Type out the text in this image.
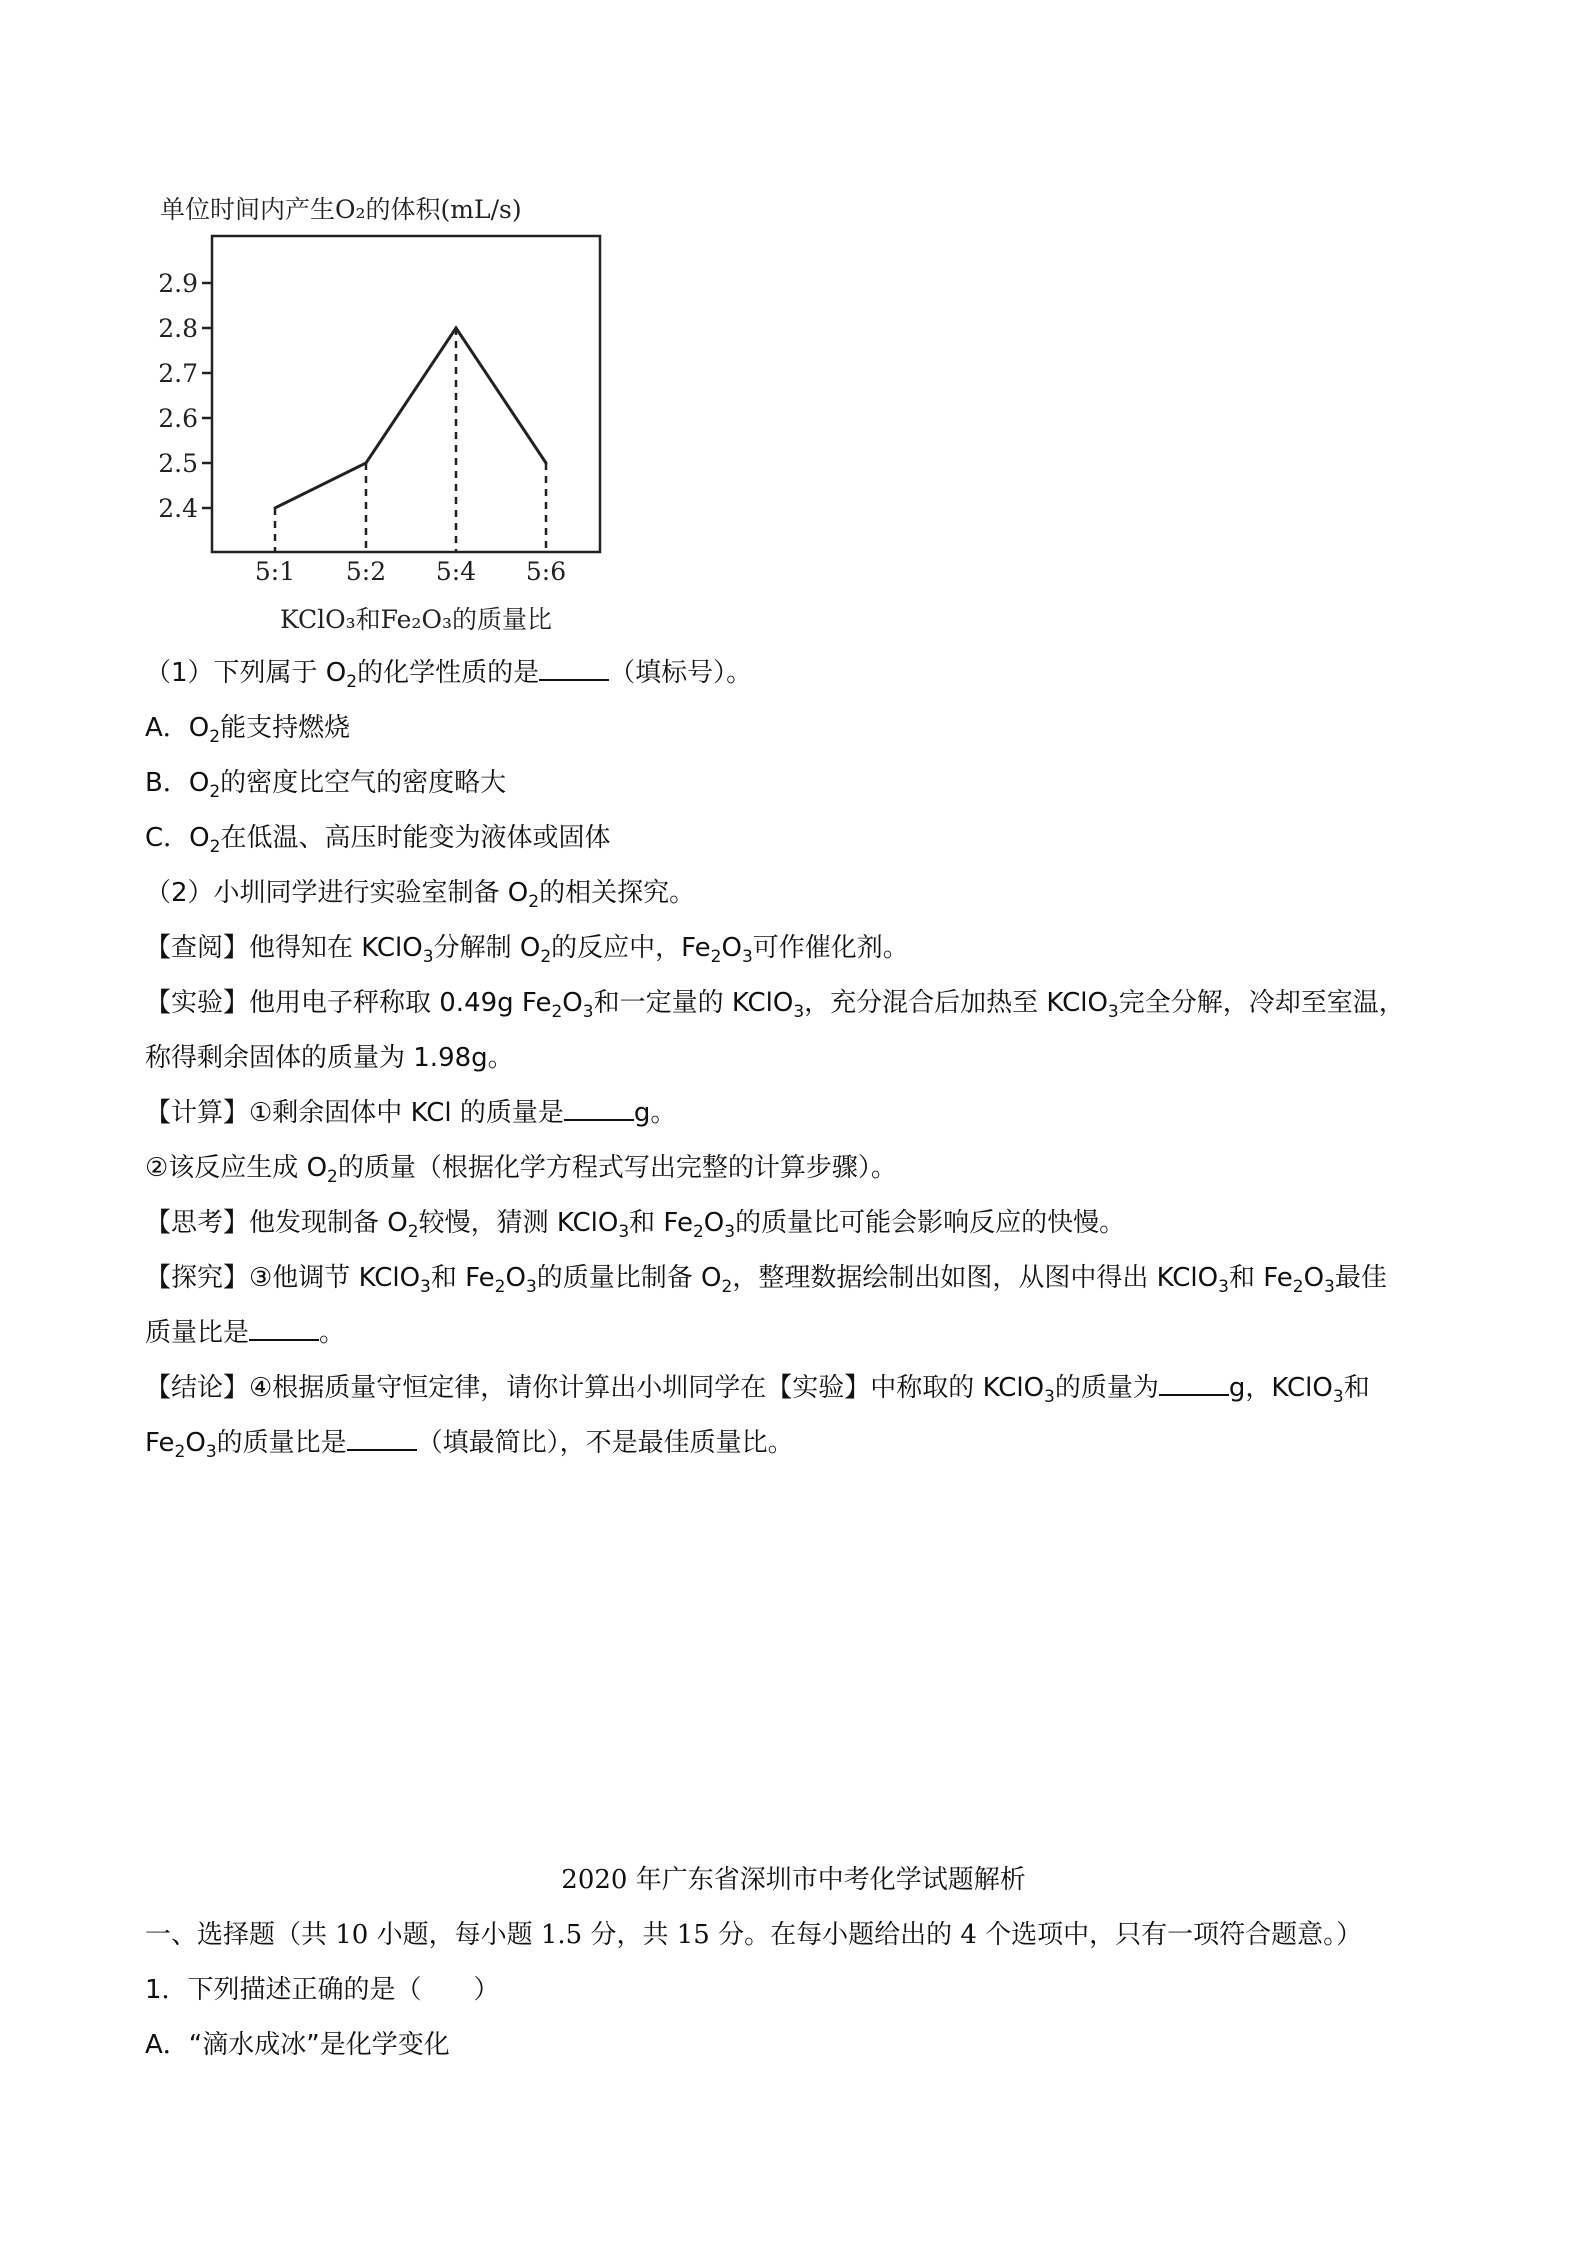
单位时间内产生O₂的体积(mL/s)
2.4
2.5
2.6
2.7
2.8
2.9
5:1 5:2 5:4 5:6
KClO₃和Fe₂O₃的质量比
（1）下列属于 $O_2$的化学性质的是	（填标号）。
A．$O_2$能支持燃烧
B．$O_2$的密度比空气的密度略大
C．$O_2$在低温、高压时能变为液体或固体
（2）小圳同学进行实验室制备 $O_2$的相关探究。
【查阅】他得知在 KClO$_3$分解制 $O_2$的反应中，$Fe_2O_3$可作催化剂。
【实验】他用电子秤称取 0.49g $Fe_2O_3$和一定量的 KClO$_3$，充分混合后加热至 KClO$_3$完全分解，冷却至室温，
称得剩余固体的质量为 1.98g。
【计算】①剩余固体中 KCl 的质量是	g。
②该反应生成 $O_2$的质量（根据化学方程式写出完整的计算步骤）。
【思考】他发现制备 $O_2$较慢，猜测 KClO$_3$和 $Fe_2O_3$的质量比可能会影响反应的快慢。
【探究】③他调节 KClO$_3$和 $Fe_2O_3$的质量比制备 $O_2$，整理数据绘制出如图，从图中得出 KClO$_3$和 $Fe_2O_3$最佳
质量比是	。
【结论】④根据质量守恒定律，请你计算出小圳同学在【实验】中称取的 KClO$_3$的质量为	g，KClO$_3$和
$Fe_2O_3$的质量比是	（填最简比），不是最佳质量比。
2020 年广东省深圳市中考化学试题解析
一、选择题（共 10 小题，每小题 1.5 分，共 15 分。在每小题给出的 4 个选项中，只有一项符合题意。）
1．下列描述正确的是（　　）
A．“滴水成冰”是化学变化
